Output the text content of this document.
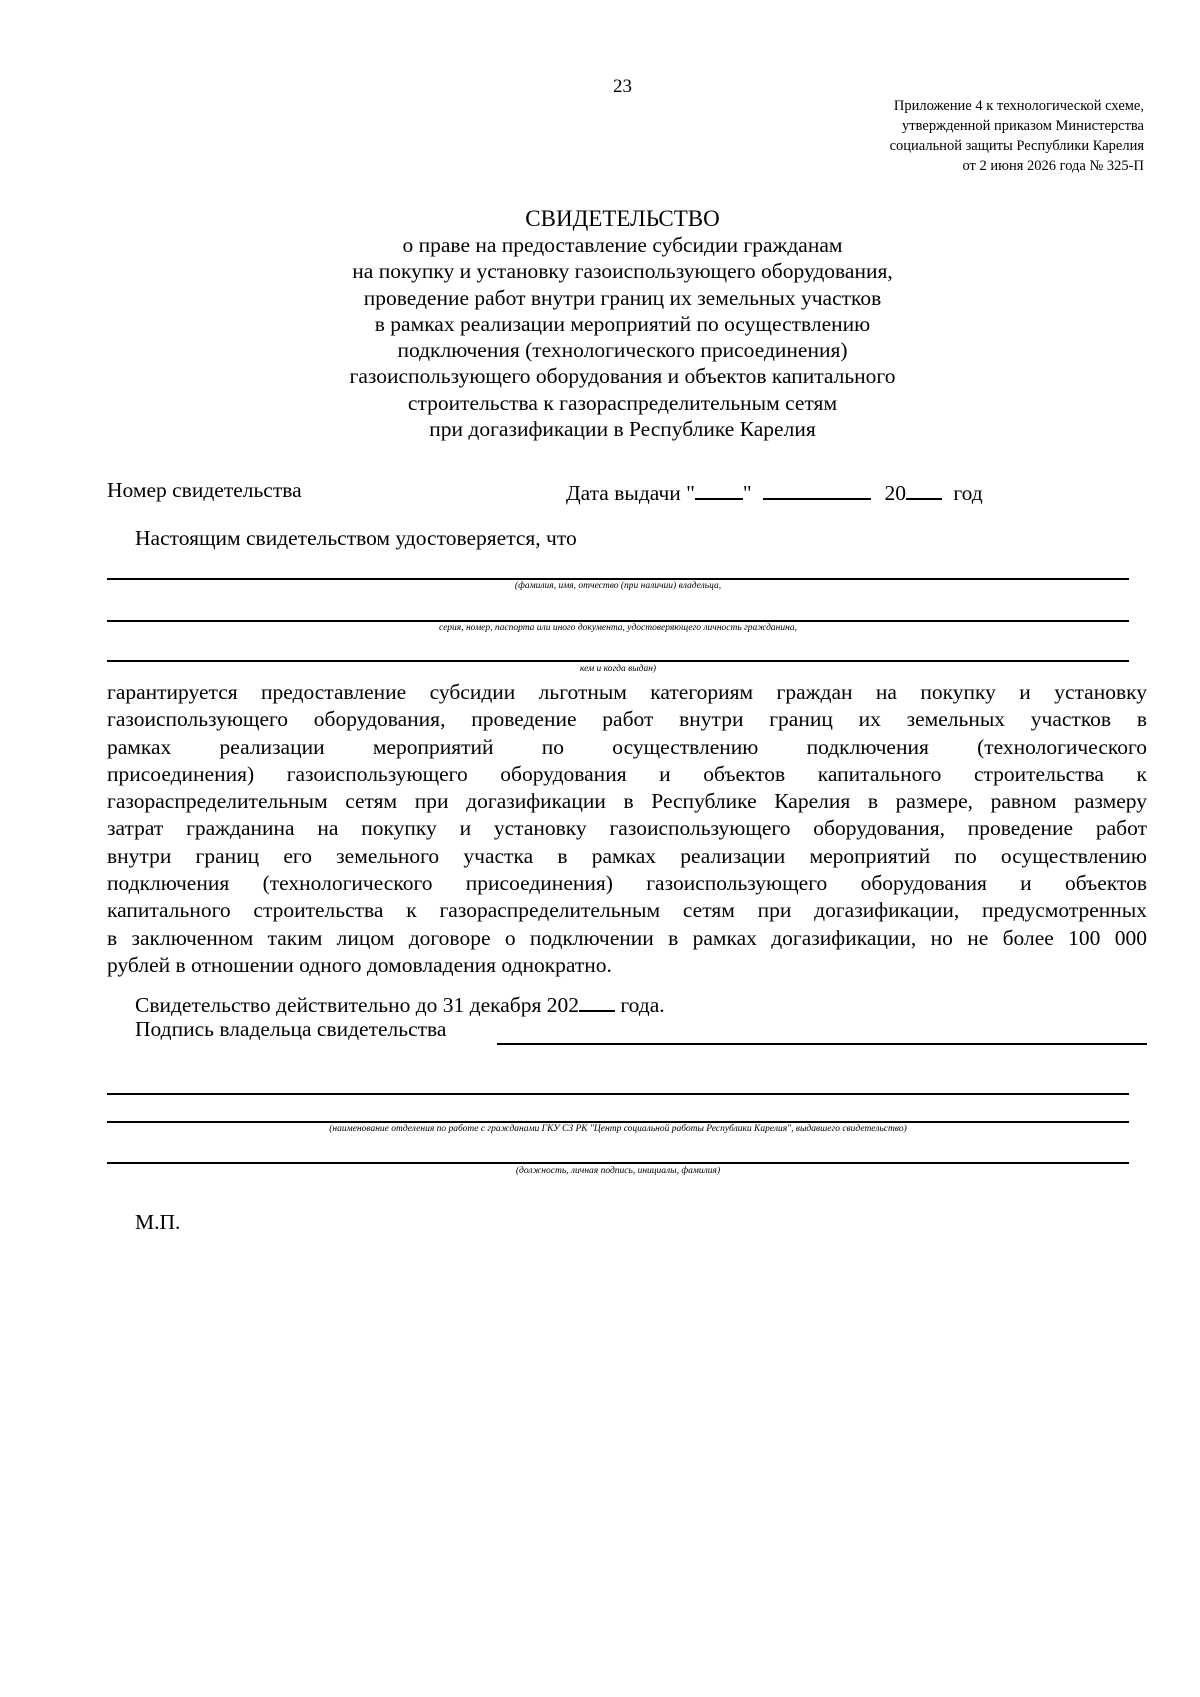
23
Приложение 4 к технологической схеме,
утвержденной приказом Министерства
социальной защиты Республики Карелия
от 2 июня 2026 года № 325-П
СВИДЕТЕЛЬСТВО
о праве на предоставление субсидии гражданам
на покупку и установку газоиспользующего оборудования,
проведение работ внутри границ их земельных участков
в рамках реализации мероприятий по осуществлению
подключения (технологического присоединения)
газоиспользующего оборудования и объектов капитального
строительства к газораспределительным сетям
при догазификации в Республике Карелия
Номер свидетельства	Дата выдачи " "	20 год
Настоящим свидетельством удостоверяется, что
(фамилия, имя, отчество (при наличии) владельца,
серия, номер, паспорта или иного документа, удостоверяющего личность гражданина,
кем и когда выдан)
гарантируется предоставление субсидии льготным категориям граждан на покупку и установку
газоиспользующего оборудования, проведение работ внутри границ их земельных участков в
рамках реализации мероприятий по осуществлению подключения (технологического
присоединения) газоиспользующего оборудования и объектов капитального строительства к
газораспределительным сетям при догазификации в Республике Карелия в размере, равном размеру
затрат гражданина на покупку и установку газоиспользующего оборудования, проведение работ
внутри границ его земельного участка в рамках реализации мероприятий по осуществлению
подключения (технологического присоединения) газоиспользующего оборудования и объектов
капитального строительства к газораспределительным сетям при догазификации, предусмотренных
в заключенном таким лицом договоре о подключении в рамках догазификации, но не более 100 000
рублей в отношении одного домовладения однократно.
Свидетельство действительно до 31 декабря 202 года.
Подпись владельца свидетельства
(наименование отделения по работе с гражданами ГКУ СЗ РК "Центр социальной работы Республики Карелия", выдавшего свидетельство)
(должность, личная подпись, инициалы, фамилия)
М.П.
